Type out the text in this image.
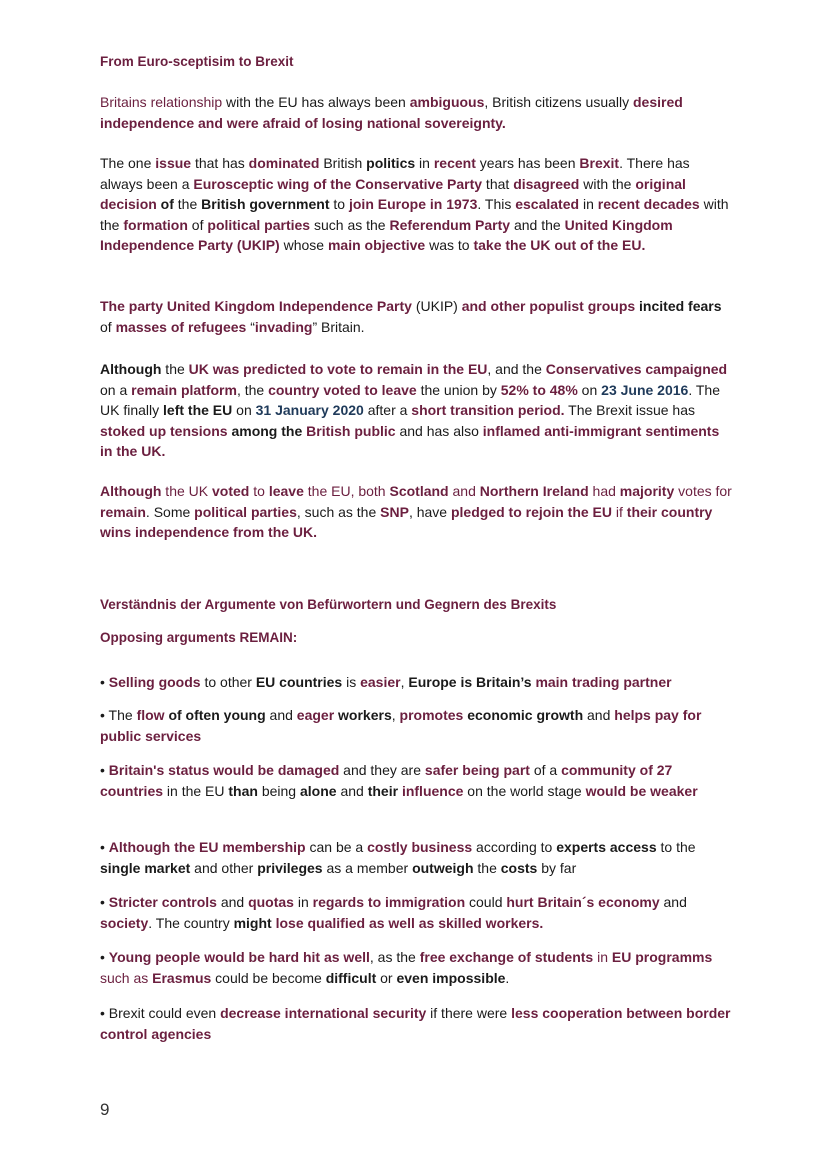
From Euro-sceptisim to Brexit

Britains relationship with the EU has always been ambiguous, British citizens usually desired independence and were afraid of losing national sovereignty.

The one issue that has dominated British politics in recent years has been Brexit. There has always been a Eurosceptic wing of the Conservative Party that disagreed with the original decision of the British government to join Europe in 1973. This escalated in recent decades with the formation of political parties such as the Referendum Party and the United Kingdom Independence Party (UKIP) whose main objective was to take the UK out of the EU.

The party United Kingdom Independence Party (UKIP) and other populist groups incited fears of masses of refugees “invading” Britain.

Although the UK was predicted to vote to remain in the EU, and the Conservatives campaigned on a remain platform, the country voted to leave the union by 52% to 48% on 23 June 2016. The UK finally left the EU on 31 January 2020 after a short transition period. The Brexit issue has stoked up tensions among the British public and has also inflamed anti-immigrant sentiments in the UK.

Although the UK voted to leave the EU, both Scotland and Northern Ireland had majority votes for remain. Some political parties, such as the SNP, have pledged to rejoin the EU if their country wins independence from the UK.

Verständnis der Argumente von Befürwortern und Gegnern des Brexits

Opposing arguments REMAIN:

• Selling goods to other EU countries is easier, Europe is Britain’s main trading partner
• The flow of often young and eager workers, promotes economic growth and helps pay for public services
• Britain's status would be damaged and they are safer being part of a community of 27 countries in the EU than being alone and their influence on the world stage would be weaker
• Although the EU membership can be a costly business according to experts access to the single market and other privileges as a member outweigh the costs by far
• Stricter controls and quotas in regards to immigration could hurt Britain´s economy and society. The country might lose qualified as well as skilled workers.
• Young people would be hard hit as well, as the free exchange of students in EU programms such as Erasmus could be become difficult or even impossible.
• Brexit could even decrease international security if there were less cooperation between border control agencies
9
